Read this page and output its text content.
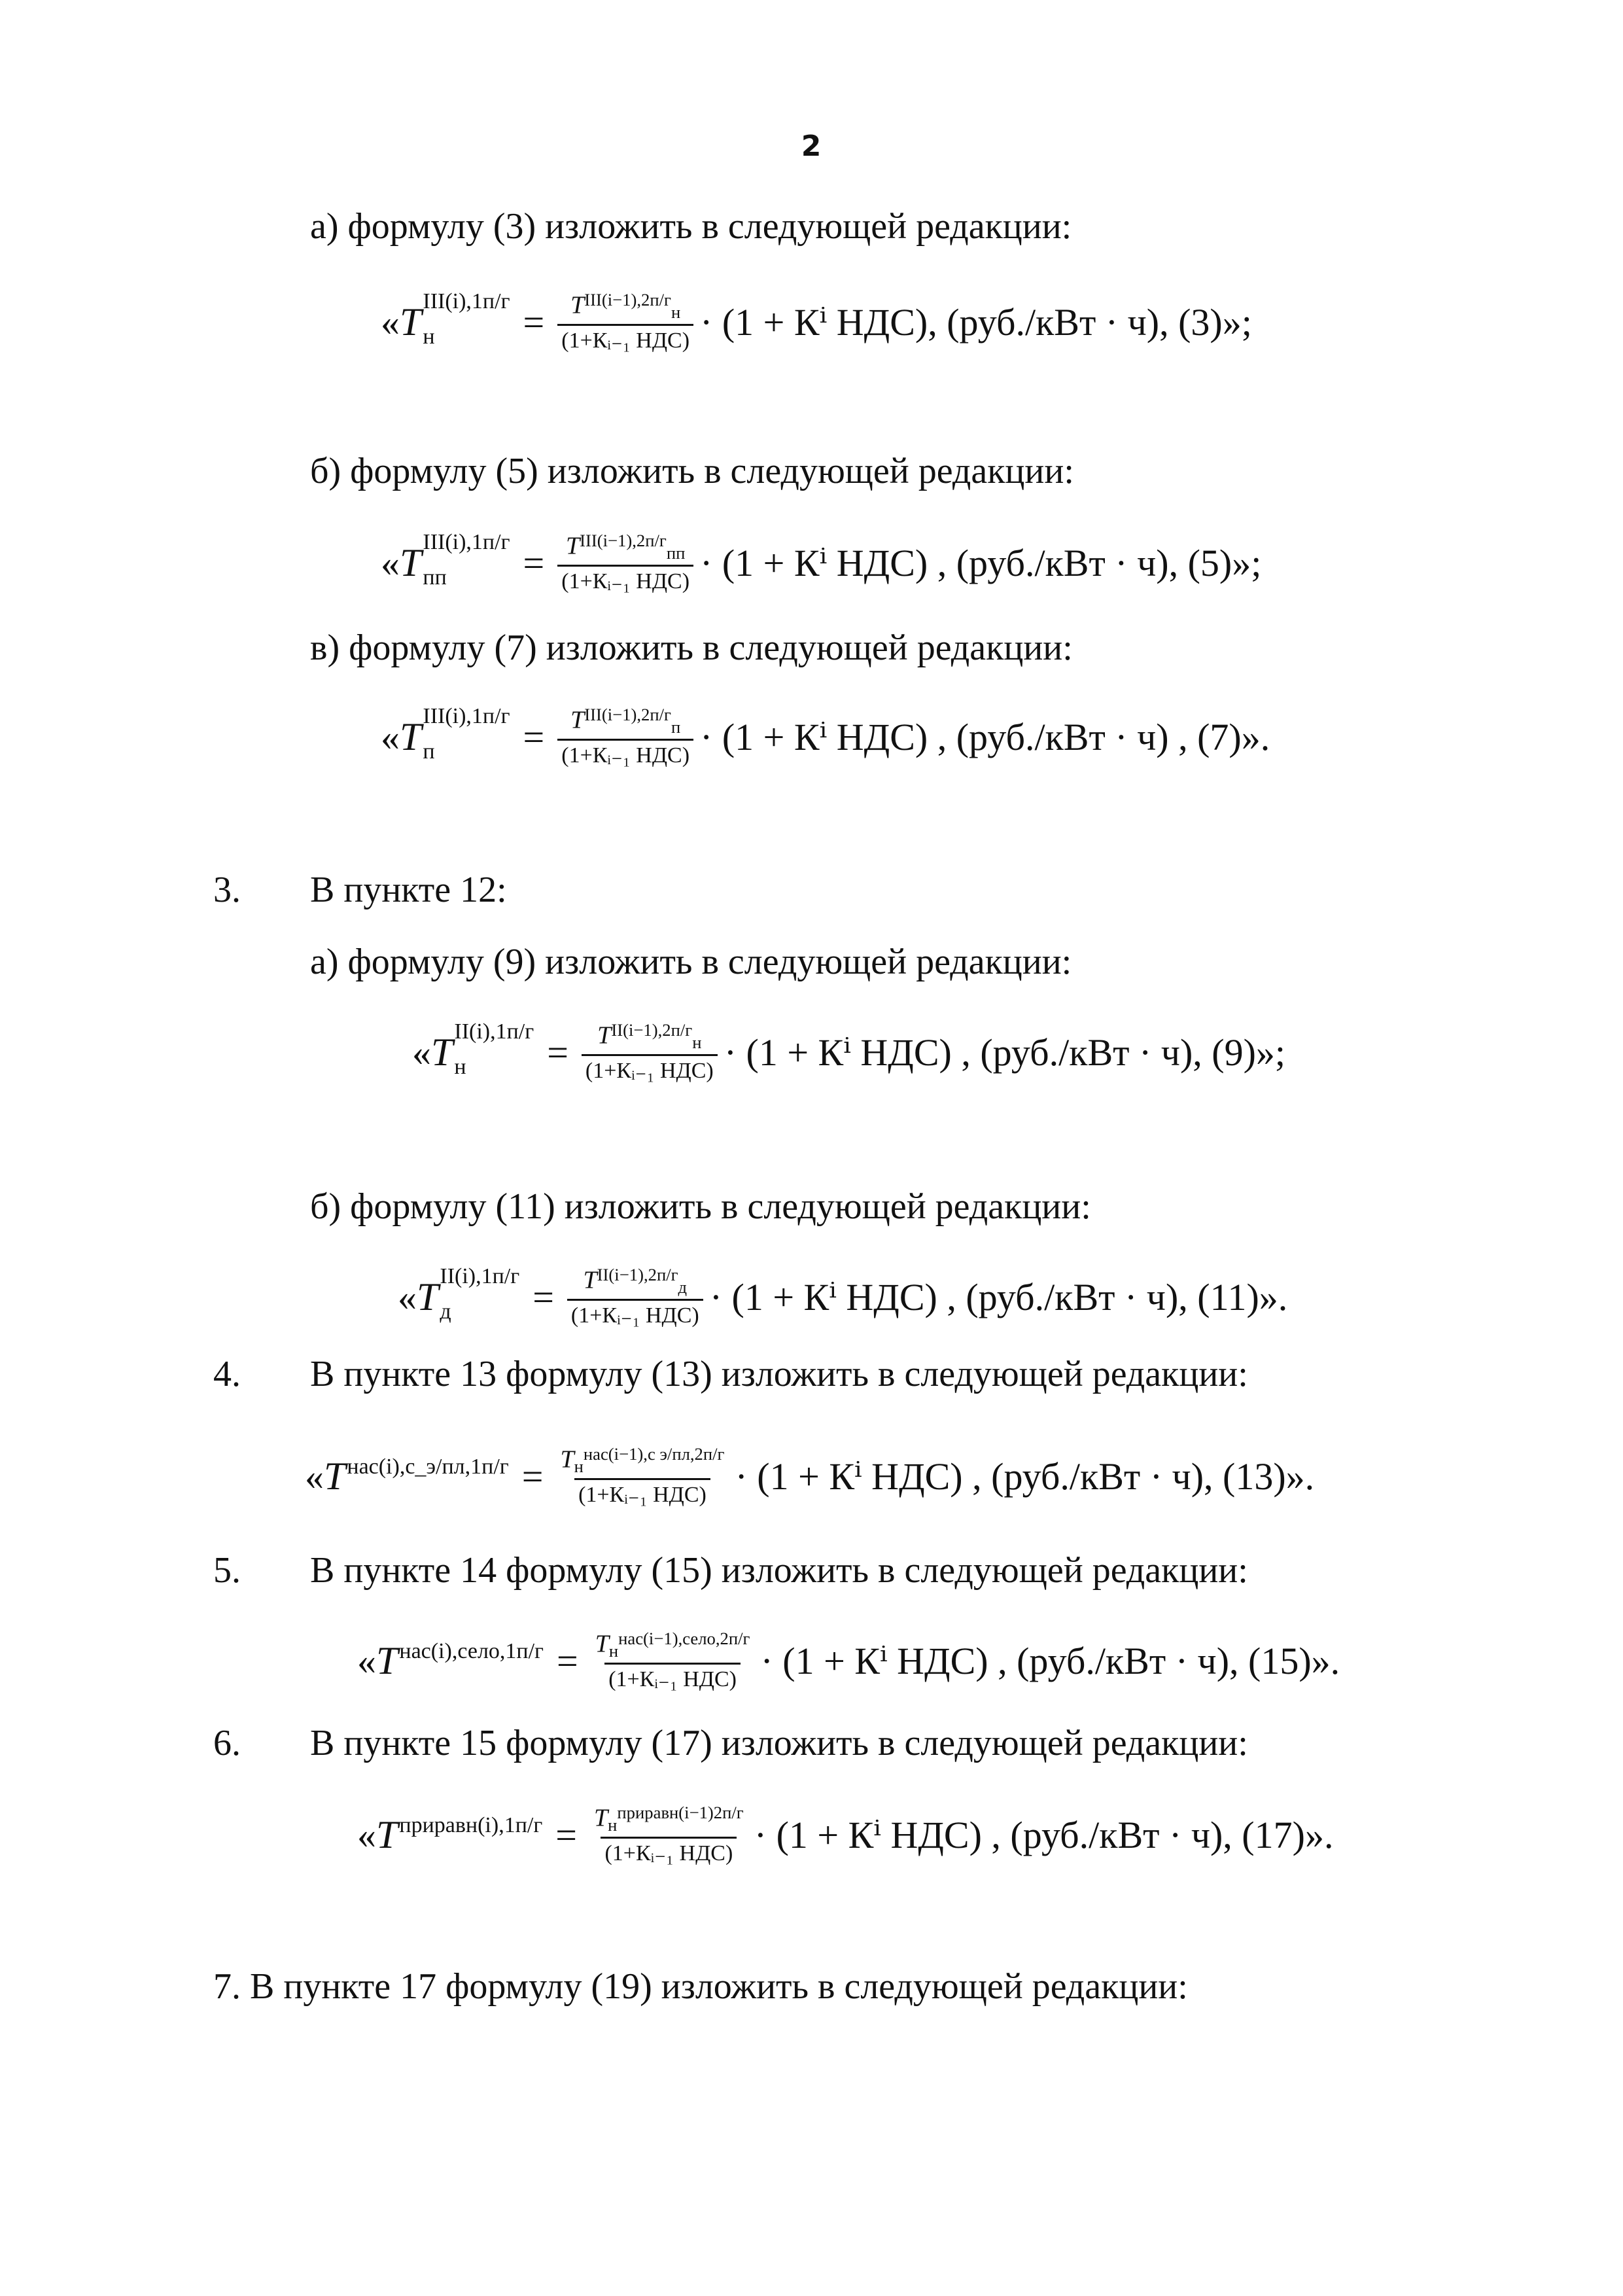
2
а) формулу (3) изложить в следующей редакции:
« T III(i),1п/г
н	= $\frac{T^{III(i-1),2п/г}_н}{\text{(1+Кᵢ₋₁ НДС)}} \cdot (1 + К^i$ НДС), (руб./кВт · ч), (3)»;
б) формулу (5) изложить в следующей редакции:
« T III(i),1п/г
пп	= $\frac{T^{III(i-1),2п/г}_{пп}}{\text{(1+Кᵢ₋₁ НДС)}} \cdot (1 + К^i$ НДС) , (руб./кВт · ч), (5)»;
в) формулу (7) изложить в следующей редакции:
« T III(i),1п/г
п	= $\frac{T^{III(i-1),2п/г}_п}{\text{(1+Кᵢ₋₁ НДС)}} \cdot (1 + К^i$ НДС) , (руб./кВт · ч) , (7)».
3. В пункте 12:
а) формулу (9) изложить в следующей редакции:
« T II(i),1п/г
н	= $\frac{T^{II(i-1),2п/г}_н}{\text{(1+Кᵢ₋₁ НДС)}} \cdot (1 + К^i$ НДС) , (руб./кВт · ч), (9)»;
б) формулу (11) изложить в следующей редакции:
« T II(i),1п/г
д	= $\frac{T^{II(i-1),2п/г}_д}{\text{(1+Кᵢ₋₁ НДС)}} \cdot (1 + К^i$ НДС) , (руб./кВт · ч), (11)».
4. В пункте 13 формулу (13) изложить в следующей редакции:
« T нас(i),с_э/пл,1п/г = $\frac{T_н^{нас(i-1),с э/пл,2п/г}}{\text{(1+Кᵢ₋₁ НДС)}} \cdot (1 + К^i$ НДС) , (руб./кВт · ч), (13)».
5. В пункте 14 формулу (15) изложить в следующей редакции:
« T нас(i),село,1п/г = $\frac{T_н^{нас(i-1),село,2п/г}}{\text{(1+Кᵢ₋₁ НДС)}} \cdot (1 + К^i$ НДС) , (руб./кВт · ч), (15)».
6. В пункте 15 формулу (17) изложить в следующей редакции:
« T приравн(i),1п/г = $\frac{T_н^{приравн(i-1)2п/г}}{\text{(1+Кᵢ₋₁ НДС)}} \cdot (1 + К^i$ НДС) , (руб./кВт · ч), (17)».
7. В пункте 17 формулу (19) изложить в следующей редакции:
